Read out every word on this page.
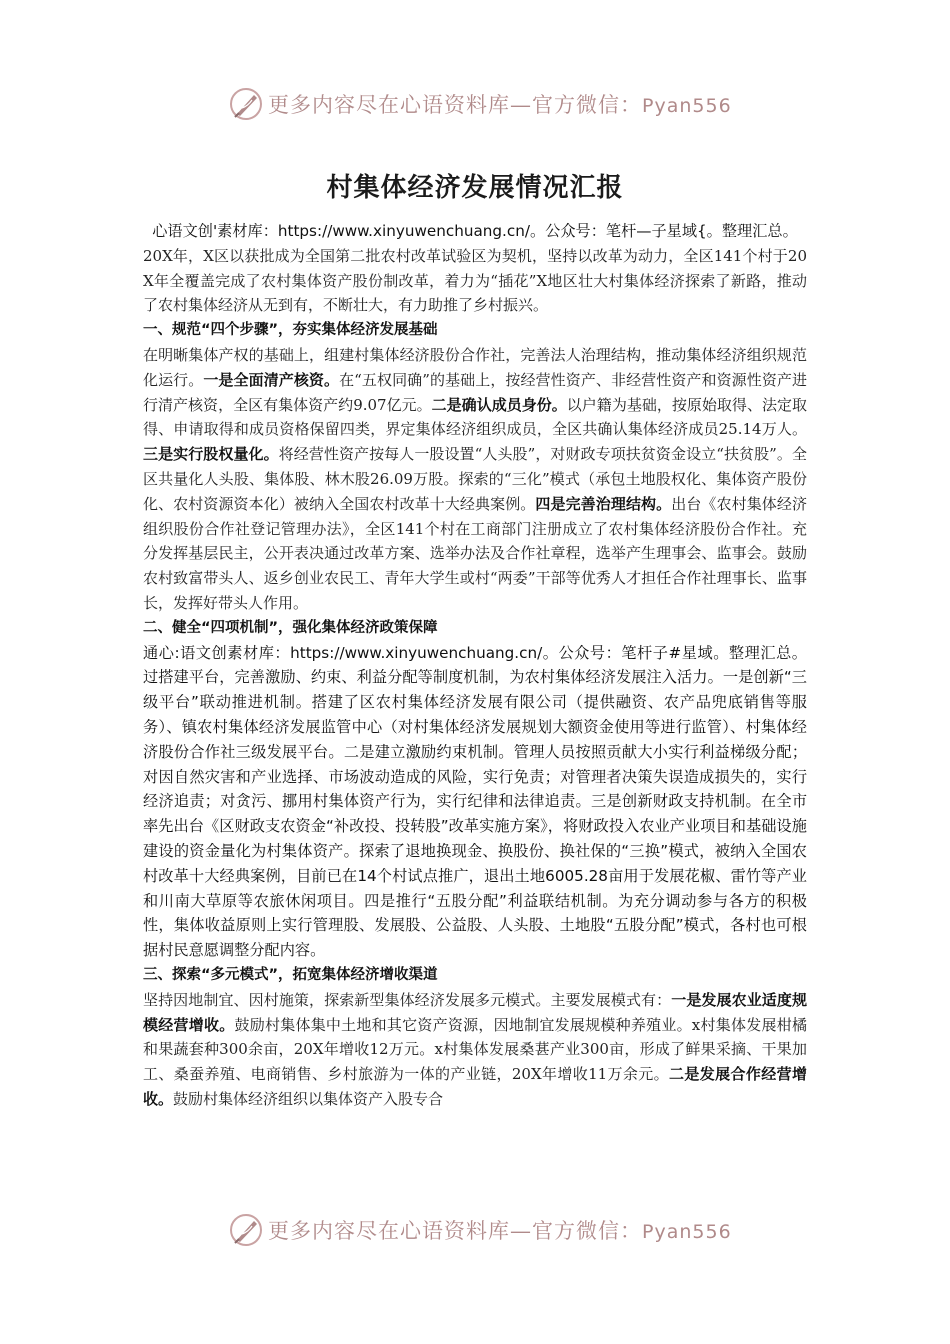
更多内容尽在心语资料库—官方微信：Pyan556
村集体经济发展情况汇报

心语文创'素材库：https://www.xinyuwenchuang.cn/。公众号：笔杆—子星域{。整理汇总。

20X年，X区以获批成为全国第二批农村改革试验区为契机，坚持以改革为动力，全区141个村于20X年全覆盖完成了农村集体资产股份制改革，着力为“插花”X地区壮大村集体经济探索了新路，推动了农村集体经济从无到有，不断壮大，有力助推了乡村振兴。

一、规范“四个步骤”，夯实集体经济发展基础

在明晰集体产权的基础上，组建村集体经济股份合作社，完善法人治理结构，推动集体经济组织规范化运行。一是全面清产核资。在“五权同确”的基础上，按经营性资产、非经营性资产和资源性资产进行清产核资，全区有集体资产约9.07亿元。二是确认成员身份。以户籍为基础，按原始取得、法定取得、申请取得和成员资格保留四类，界定集体经济组织成员，全区共确认集体经济成员25.14万人。三是实行股权量化。将经营性资产按每人一股设置“人头股”，对财政专项扶贫资金设立“扶贫股”。全区共量化人头股、集体股、林木股26.09万股。探索的“三化”模式（承包土地股权化、集体资产股份化、农村资源资本化）被纳入全国农村改革十大经典案例。四是完善治理结构。出台《农村集体经济组织股份合作社登记管理办法》，全区141个村在工商部门注册成立了农村集体经济股份合作社。充分发挥基层民主，公开表决通过改革方案、选举办法及合作社章程，选举产生理事会、监事会。鼓励农村致富带头人、返乡创业农民工、青年大学生或村“两委”干部等优秀人才担任合作社理事长、监事长，发挥好带头人作用。

二、健全“四项机制”，强化集体经济政策保障

通心:语文创素材库：https://www.xinyuwenchuang.cn/。公众号：笔杆子#星域。整理汇总。过搭建平台，完善激励、约束、利益分配等制度机制，为农村集体经济发展注入活力。一是创新“三级平台”联动推进机制。搭建了区农村集体经济发展有限公司（提供融资、农产品兜底销售等服务）、镇农村集体经济发展监管中心（对村集体经济发展规划大额资金使用等进行监管）、村集体经济股份合作社三级发展平台。二是建立激励约束机制。管理人员按照贡献大小实行利益梯级分配；对因自然灾害和产业选择、市场波动造成的风险，实行免责；对管理者决策失误造成损失的，实行经济追责；对贪污、挪用村集体资产行为，实行纪律和法律追责。三是创新财政支持机制。在全市率先出台《区财政支农资金“补改投、投转股”改革实施方案》，将财政投入农业产业项目和基础设施建设的资金量化为村集体资产。探索了退地换现金、换股份、换社保的“三换”模式，被纳入全国农村改革十大经典案例，目前已在14个村试点推广，退出土地6005.28亩用于发展花椒、雷竹等产业和川南大草原等农旅休闲项目。四是推行“五股分配”利益联结机制。为充分调动参与各方的积极性，集体收益原则上实行管理股、发展股、公益股、人头股、土地股“五股分配”模式，各村也可根据村民意愿调整分配内容。

三、探索“多元模式”，拓宽集体经济增收渠道

坚持因地制宜、因村施策，探索新型集体经济发展多元模式。主要发展模式有：一是发展农业适度规模经营增收。鼓励村集体集中土地和其它资产资源，因地制宜发展规模种养殖业。x村集体发展柑橘和果蔬套种300余亩，20X年增收12万元。x村集体发展桑葚产业300亩，形成了鲜果采摘、干果加工、桑蚕养殖、电商销售、乡村旅游为一体的产业链，20X年增收11万余元。二是发展合作经营增收。鼓励村集体经济组织以集体资产入股专合

更多内容尽在心语资料库—官方微信：Pyan556
